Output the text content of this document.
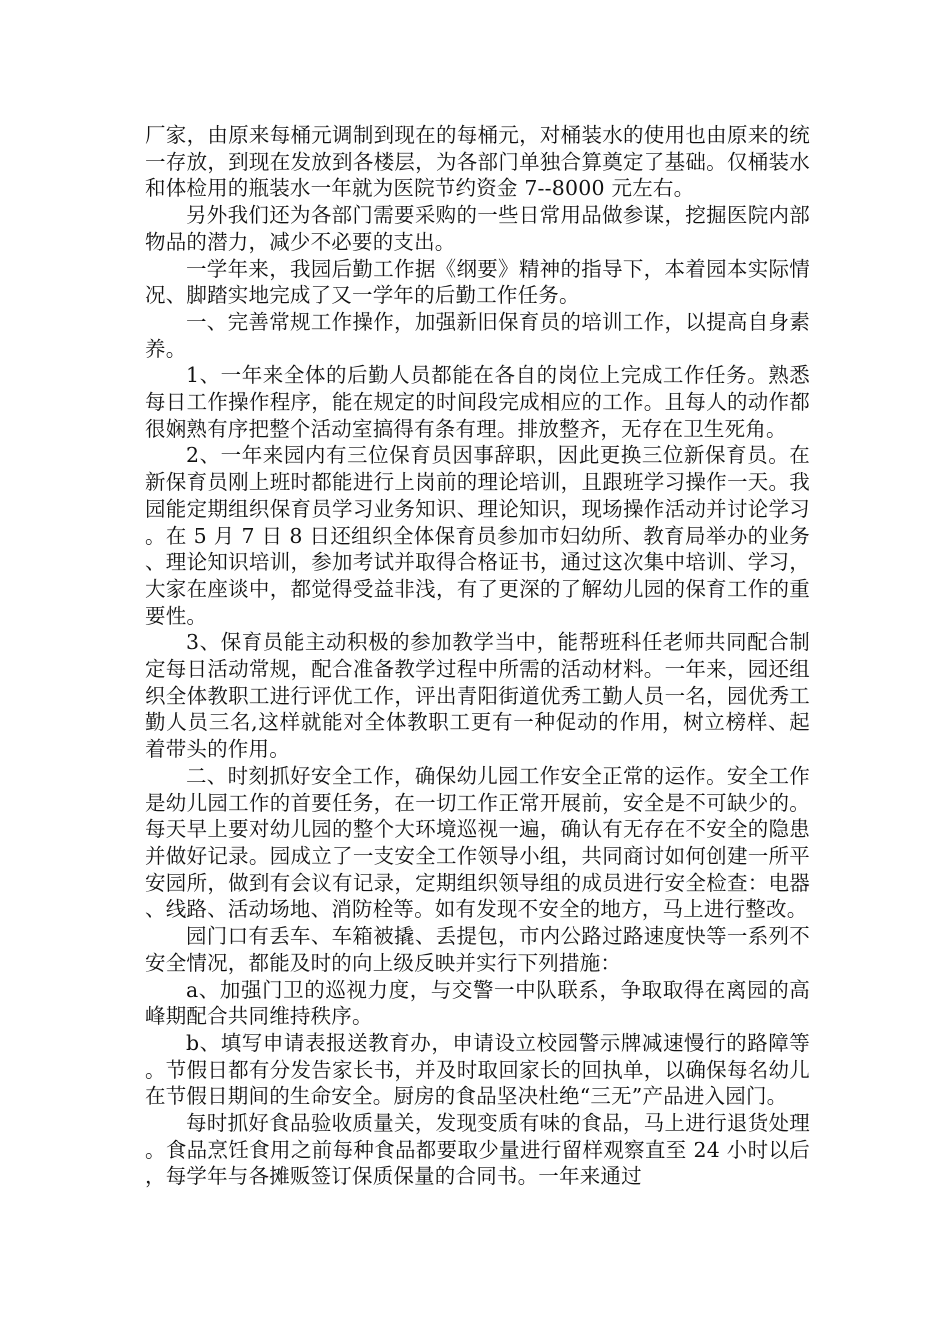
厂家，由原来每桶元调制到现在的每桶元，对桶装水的使用也由原来的统一存放，到现在发放到各楼层，为各部门单独合算奠定了基础。仅桶装水和体检用的瓶装水一年就为医院节约资金 7--8000 元左右。

另外我们还为各部门需要采购的一些日常用品做参谋，挖掘医院内部物品的潜力，减少不必要的支出。

一学年来，我园后勤工作据《纲要》精神的指导下，本着园本实际情况、脚踏实地完成了又一学年的后勤工作任务。

一、完善常规工作操作，加强新旧保育员的培训工作，以提高自身素养。

1、一年来全体的后勤人员都能在各自的岗位上完成工作任务。熟悉每日工作操作程序，能在规定的时间段完成相应的工作。且每人的动作都很娴熟有序把整个活动室搞得有条有理。排放整齐，无存在卫生死角。

2、一年来园内有三位保育员因事辞职，因此更换三位新保育员。在新保育员刚上班时都能进行上岗前的理论培训，且跟班学习操作一天。我园能定期组织保育员学习业务知识、理论知识，现场操作活动并讨论学习。在 5 月 7 日 8 日还组织全体保育员参加市妇幼所、教育局举办的业务、理论知识培训，参加考试并取得合格证书，通过这次集中培训、学习，大家在座谈中，都觉得受益非浅，有了更深的了解幼儿园的保育工作的重要性。

3、保育员能主动积极的参加教学当中，能帮班科任老师共同配合制定每日活动常规，配合准备教学过程中所需的活动材料。一年来，园还组织全体教职工进行评优工作，评出青阳街道优秀工勤人员一名，园优秀工勤人员三名,这样就能对全体教职工更有一种促动的作用，树立榜样、起着带头的作用。

二、时刻抓好安全工作，确保幼儿园工作安全正常的运作。安全工作是幼儿园工作的首要任务，在一切工作正常开展前，安全是不可缺少的。每天早上要对幼儿园的整个大环境巡视一遍，确认有无存在不安全的隐患并做好记录。园成立了一支安全工作领导小组，共同商讨如何创建一所平安园所，做到有会议有记录，定期组织领导组的成员进行安全检查：电器、线路、活动场地、消防栓等。如有发现不安全的地方，马上进行整改。

园门口有丢车、车箱被撬、丢提包，市内公路过路速度快等一系列不安全情况，都能及时的向上级反映并实行下列措施：

a、加强门卫的巡视力度，与交警一中队联系，争取取得在离园的高峰期配合共同维持秩序。

b、填写申请表报送教育办，申请设立校园警示牌减速慢行的路障等。节假日都有分发告家长书，并及时取回家长的回执单，以确保每名幼儿在节假日期间的生命安全。厨房的食品坚决杜绝“三无”产品进入园门。

每时抓好食品验收质量关，发现变质有味的食品，马上进行退货处理。食品烹饪食用之前每种食品都要取少量进行留样观察直至 24 小时以后，每学年与各摊贩签订保质保量的合同书。一年来通过
